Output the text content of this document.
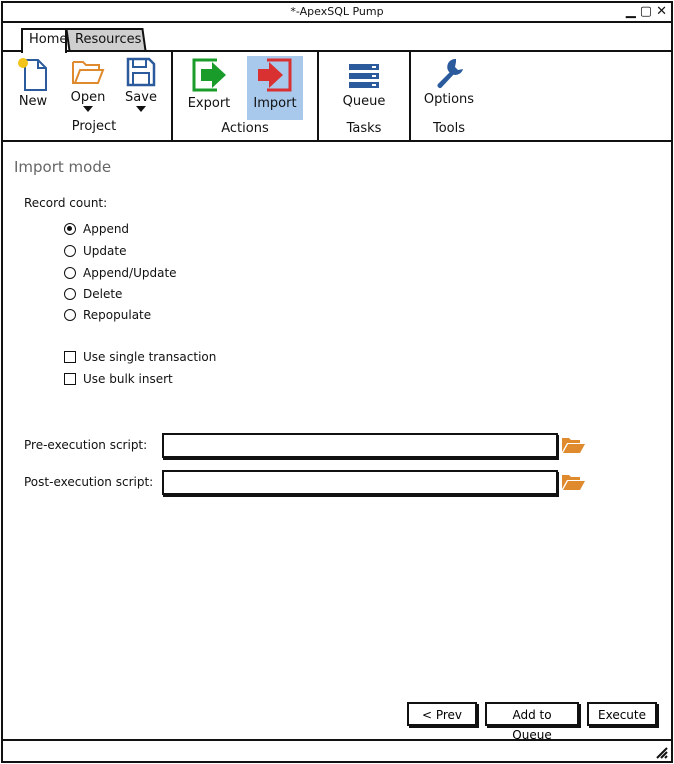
*-ApexSQL Pump	▁ ▢ ✕
Home Resources
New	Open	Save
Project
Export	Import
Actions
Queue
Tasks
Options
Tools
Import mode
Record count:
Append
Update
Append/Update
Delete
Repopulate
Use single transaction
Use bulk insert
Pre-execution script:
Post-execution script:
< Prev	Add to Queue
Execute
